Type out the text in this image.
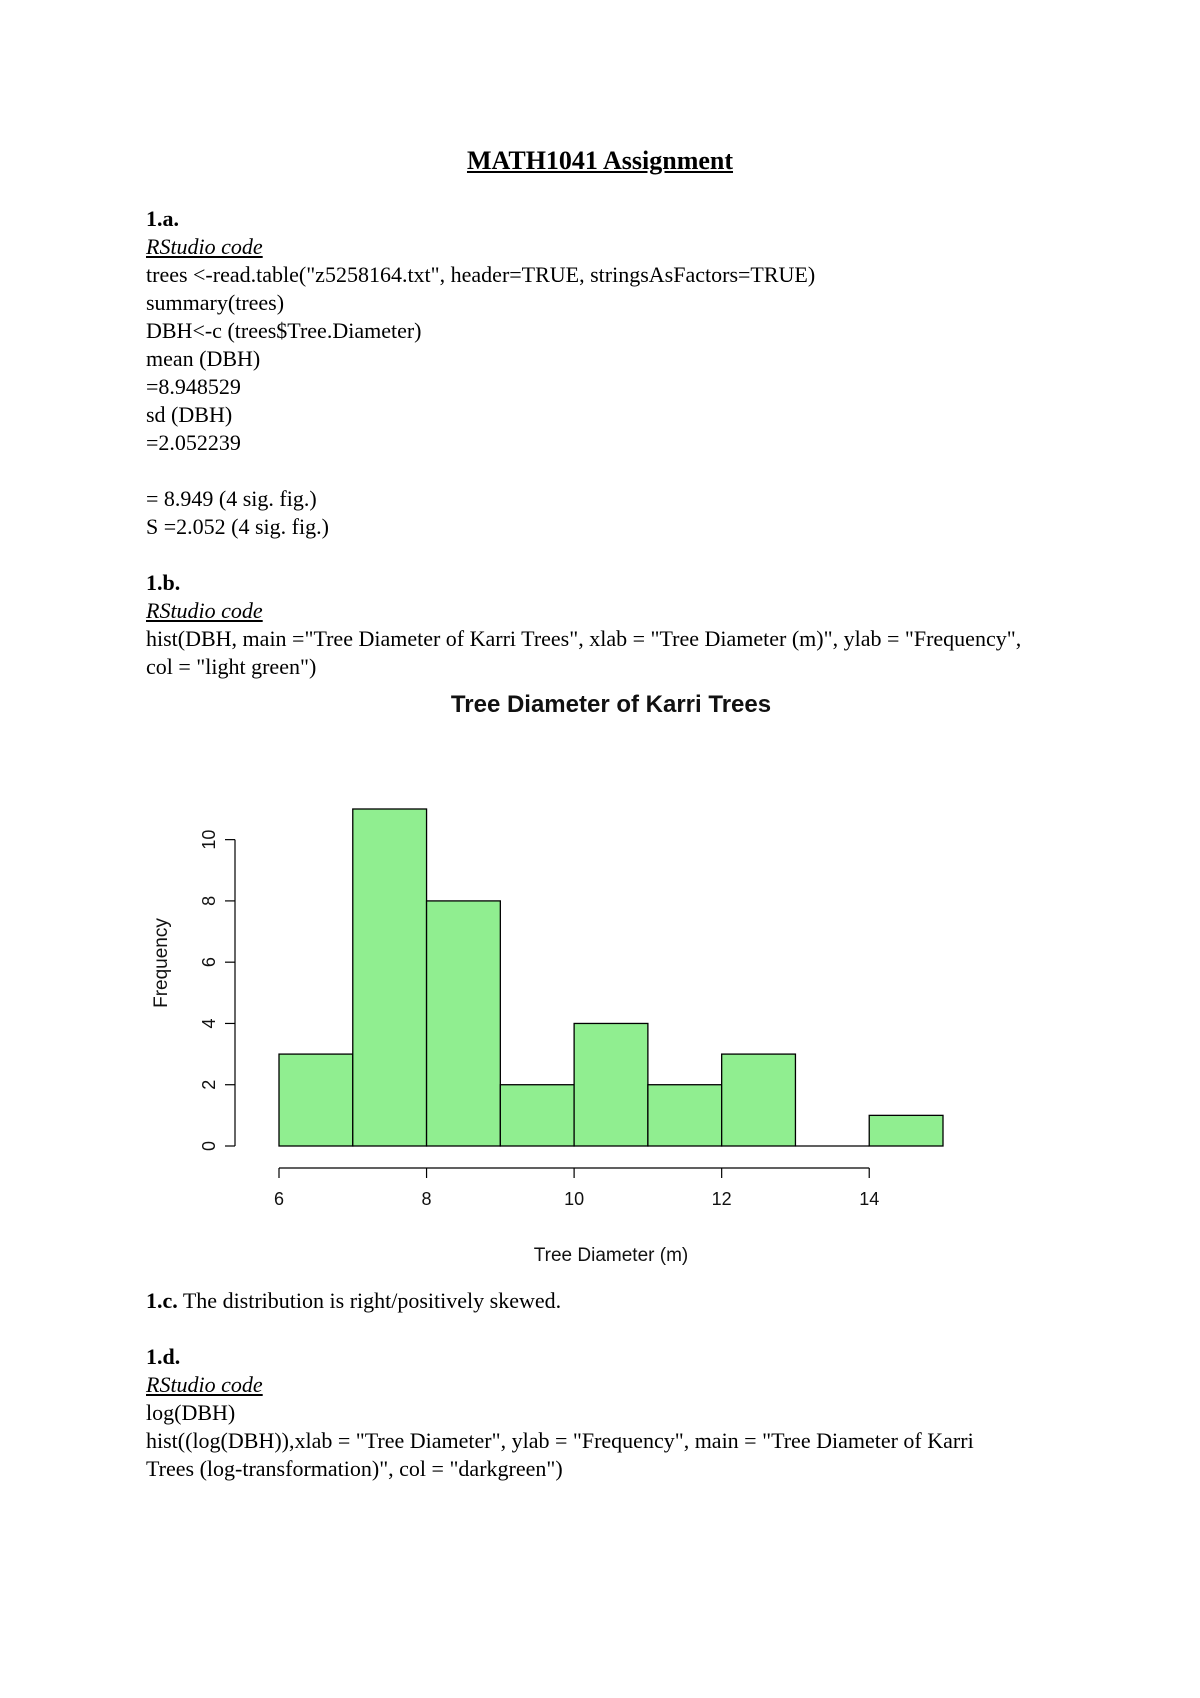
MATH1041 Assignment
1.a.
RStudio code
trees <-read.table("z5258164.txt", header=TRUE, stringsAsFactors=TRUE)
summary(trees)
DBH<-c (trees$Tree.Diameter)
mean (DBH)
=8.948529
sd (DBH)
=2.052239
= 8.949 (4 sig. fig.)
S =2.052 (4 sig. fig.)
1.b.
RStudio code
hist(DBH, main ="Tree Diameter of Karri Trees", xlab = "Tree Diameter (m)", ylab = "Frequency", col = "light green")
Tree Diameter of Karri Trees
Frequency
Tree Diameter (m)
0
2
4
6
8
10
6	8	10	12	14
1.c. The distribution is right/positively skewed.
1.d.
RStudio code
log(DBH)
hist((log(DBH)),xlab = "Tree Diameter", ylab = "Frequency", main = "Tree Diameter of Karri Trees (log-transformation)", col = "darkgreen")
